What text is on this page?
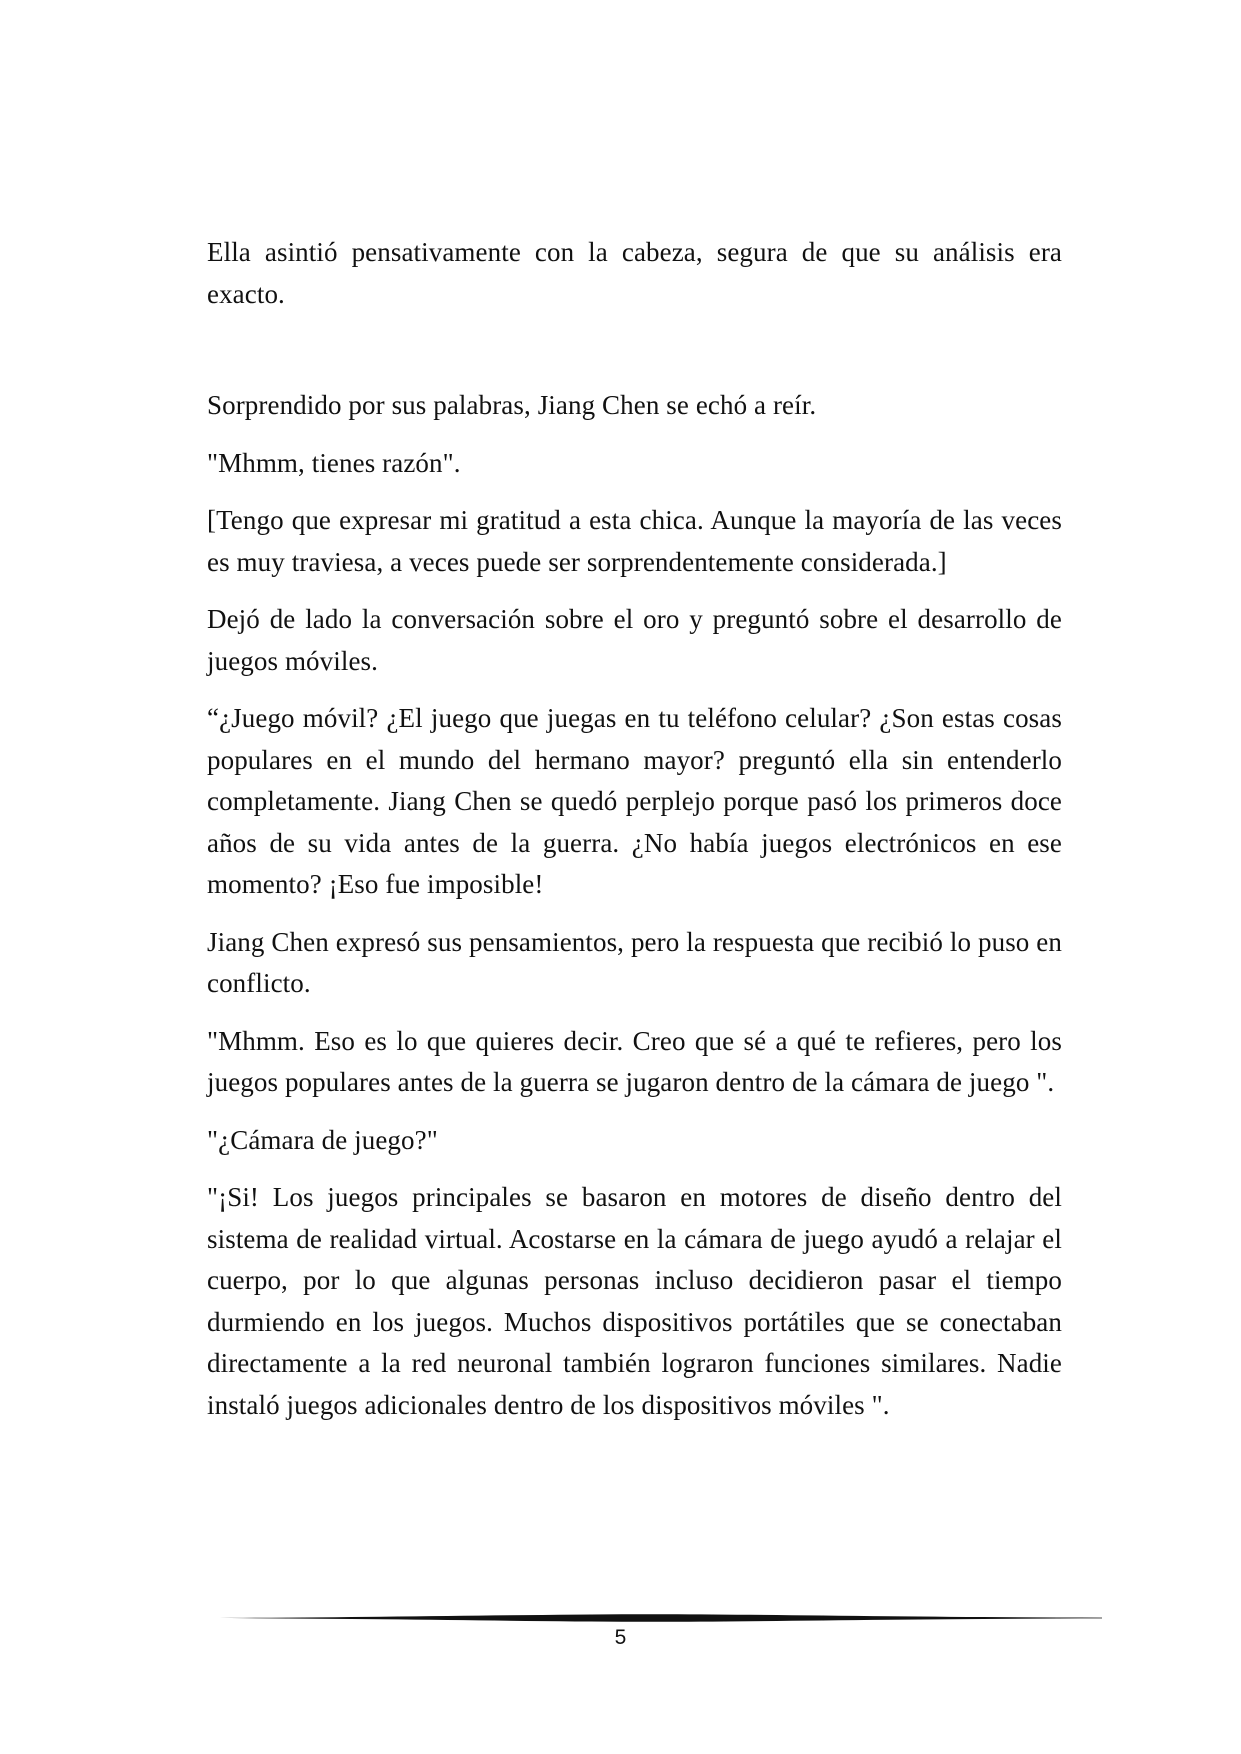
Ella asintió pensativamente con la cabeza, segura de que su análisis era exacto.

Sorprendido por sus palabras, Jiang Chen se echó a reír.

"Mhmm, tienes razón".

[Tengo que expresar mi gratitud a esta chica. Aunque la mayoría de las veces es muy traviesa, a veces puede ser sorprendentemente considerada.]

Dejó de lado la conversación sobre el oro y preguntó sobre el desarrollo de juegos móviles.

“¿Juego móvil? ¿El juego que juegas en tu teléfono celular? ¿Son estas cosas populares en el mundo del hermano mayor? preguntó ella sin entenderlo completamente. Jiang Chen se quedó perplejo porque pasó los primeros doce años de su vida antes de la guerra. ¿No había juegos electrónicos en ese momento? ¡Eso fue imposible!

Jiang Chen expresó sus pensamientos, pero la respuesta que recibió lo puso en conflicto.

"Mhmm. Eso es lo que quieres decir. Creo que sé a qué te refieres, pero los juegos populares antes de la guerra se jugaron dentro de la cámara de juego ".

"¿Cámara de juego?"

"¡Si! Los juegos principales se basaron en motores de diseño dentro del sistema de realidad virtual. Acostarse en la cámara de juego ayudó a relajar el cuerpo, por lo que algunas personas incluso decidieron pasar el tiempo durmiendo en los juegos. Muchos dispositivos portátiles que se conectaban directamente a la red neuronal también lograron funciones similares. Nadie instaló juegos adicionales dentro de los dispositivos móviles ".

5
